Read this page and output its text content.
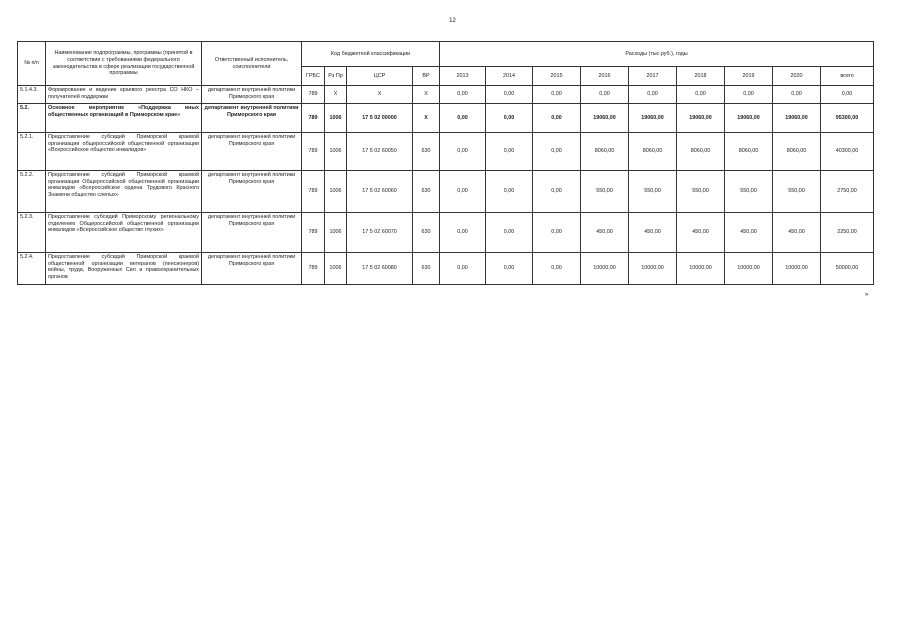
12
№ п/п	Наименование подпрограммы, программы (принятой в соответствии с требованиями федерального законодательства в сфере реализации государственной программы	Ответственный исполнитель, соисполнители	Код бюджетной классификации				Расходы (тыс.руб.), годы								
			ГРБС	Рз Пр	ЦСР	ВР	2013	2014	2015	2016	2017	2018	2019	2020	всего
5.1.4.3.	Формирование и ведение краевого реестра СО НКО – получателей поддержки	департамент внутренней политики Приморского края	789	X	X	X	0,00	0,00	0,00	0,00	0,00	0,00	0,00	0,00	0,00
5.2.	Основное мероприятие «Поддержка иных общественных организаций в Приморском крае»	департамент внутренней политики Приморского края	789	1006	17 5 02 00000	X	0,00	0,00	0,00	19060,00	19060,00	19060,00	19060,00	19060,00	95300,00
5.2.1.	Предоставление субсидий Приморской краевой организации общероссийской общественной организации «Всероссийское общество инвалидов»	департамент внутренней политики Приморского края	789	1006	17 5 02 60050	630	0,00	0,00	0,00	8060,00	8060,00	8060,00	8060,00	8060,00	40300,00
5.2.2.	Предоставление субсидий Приморской краевой организации Общероссийской общественной организации инвалидов «Всероссийское ордена Трудового Красного Знамени общество слепых»	департамент внутренней политики Приморского края	789	1006	17 5 02 60060	630	0,00	0,00	0,00	550,00	550,00	550,00	550,00	550,00	2750,00
5.2.3.	Предоставление субсидий Приморскому региональному отделению Общероссийской общественной организации инвалидов «Всероссийское общество глухих»	департамент внутренней политики Приморского края	789	1006	17 5 02 60070	630	0,00	0,00	0,00	450,00	450,00	450,00	450,00	450,00	2250,00
5.2.4.	Предоставление субсидий Приморской краевой общественной организации ветеранов (пенсионеров) войны, труда, Вооруженных Сил и правоохранительных органов	департамент внутренней политики Приморского края	789	1006	17 5 02 60080	630	0,00	0,00	0,00	10000,00	10000,00	10000,00	10000,00	10000,00	50000,00
»
